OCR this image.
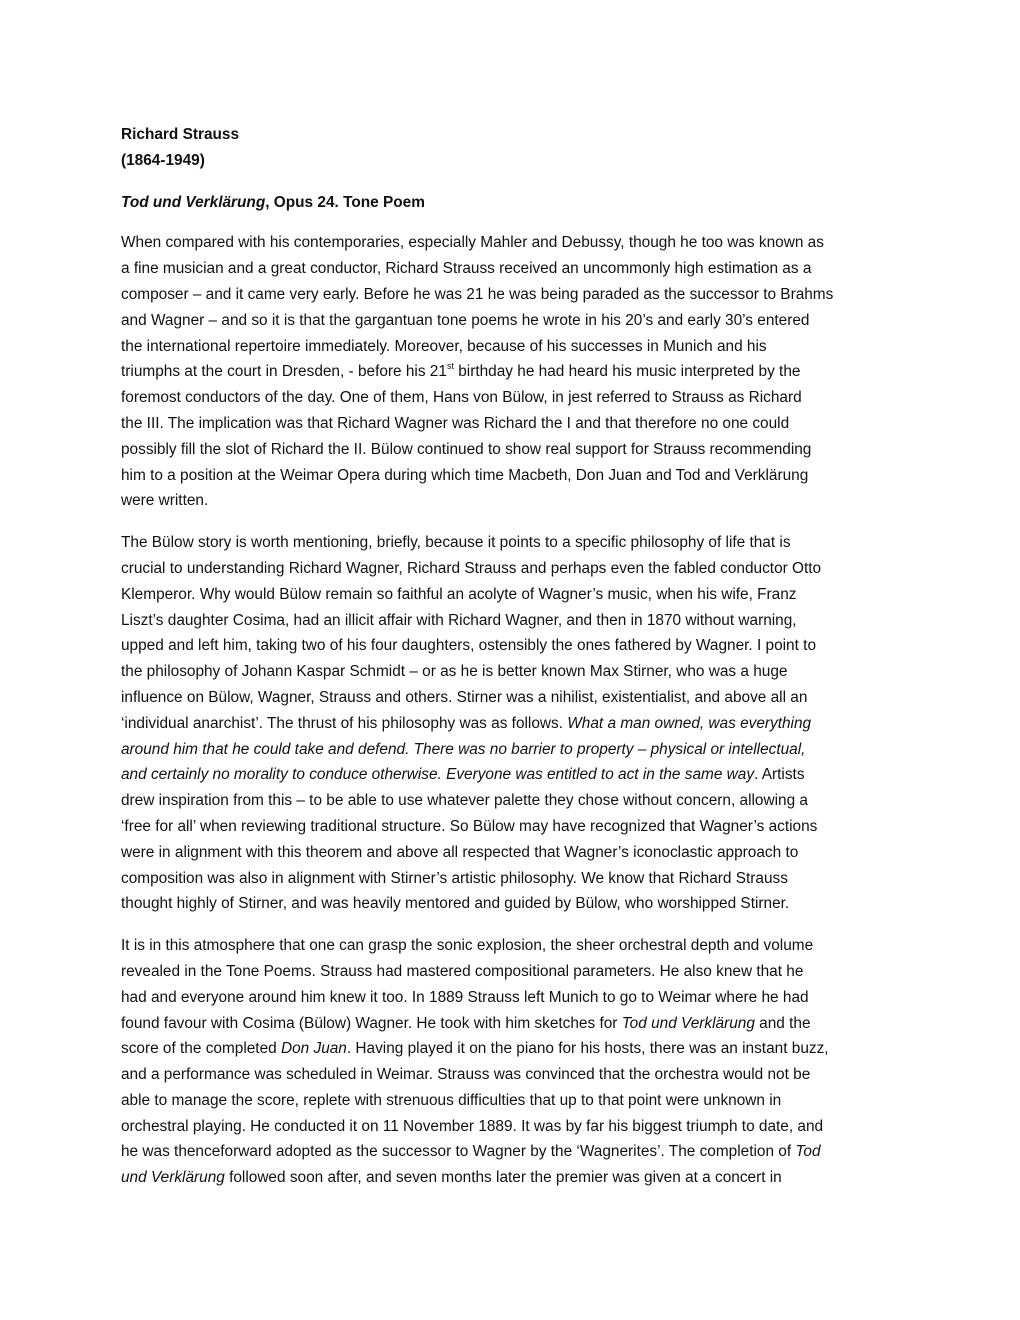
Richard Strauss
(1864-1949)
Tod und Verklärung, Opus 24. Tone Poem

When compared with his contemporaries, especially Mahler and Debussy, though he too was known as
a fine musician and a great conductor, Richard Strauss received an uncommonly high estimation as a
composer – and it came very early. Before he was 21 he was being paraded as the successor to Brahms
and Wagner – and so it is that the gargantuan tone poems he wrote in his 20’s and early 30’s entered
the international repertoire immediately. Moreover, because of his successes in Munich and his
triumphs at the court in Dresden, - before his 21st birthday he had heard his music interpreted by the
foremost conductors of the day. One of them, Hans von Bülow, in jest referred to Strauss as Richard
the III. The implication was that Richard Wagner was Richard the I and that therefore no one could
possibly fill the slot of Richard the II. Bülow continued to show real support for Strauss recommending
him to a position at the Weimar Opera during which time Macbeth, Don Juan and Tod and Verklärung
were written.

The Bülow story is worth mentioning, briefly, because it points to a specific philosophy of life that is
crucial to understanding Richard Wagner, Richard Strauss and perhaps even the fabled conductor Otto
Klemperor. Why would Bülow remain so faithful an acolyte of Wagner’s music, when his wife, Franz
Liszt’s daughter Cosima, had an illicit affair with Richard Wagner, and then in 1870 without warning,
upped and left him, taking two of his four daughters, ostensibly the ones fathered by Wagner. I point to
the philosophy of Johann Kaspar Schmidt – or as he is better known Max Stirner, who was a huge
influence on Bülow, Wagner, Strauss and others. Stirner was a nihilist, existentialist, and above all an
‘individual anarchist’. The thrust of his philosophy was as follows. What a man owned, was everything
around him that he could take and defend. There was no barrier to property – physical or intellectual,
and certainly no morality to conduce otherwise. Everyone was entitled to act in the same way. Artists
drew inspiration from this – to be able to use whatever palette they chose without concern, allowing a
‘free for all’ when reviewing traditional structure. So Bülow may have recognized that Wagner’s actions
were in alignment with this theorem and above all respected that Wagner’s iconoclastic approach to
composition was also in alignment with Stirner’s artistic philosophy. We know that Richard Strauss
thought highly of Stirner, and was heavily mentored and guided by Bülow, who worshipped Stirner.

It is in this atmosphere that one can grasp the sonic explosion, the sheer orchestral depth and volume
revealed in the Tone Poems. Strauss had mastered compositional parameters. He also knew that he
had and everyone around him knew it too. In 1889 Strauss left Munich to go to Weimar where he had
found favour with Cosima (Bülow) Wagner. He took with him sketches for Tod und Verklärung and the
score of the completed Don Juan. Having played it on the piano for his hosts, there was an instant buzz,
and a performance was scheduled in Weimar. Strauss was convinced that the orchestra would not be
able to manage the score, replete with strenuous difficulties that up to that point were unknown in
orchestral playing. He conducted it on 11 November 1889. It was by far his biggest triumph to date, and
he was thenceforward adopted as the successor to Wagner by the ‘Wagnerites’. The completion of Tod
und Verklärung followed soon after, and seven months later the premier was given at a concert in
